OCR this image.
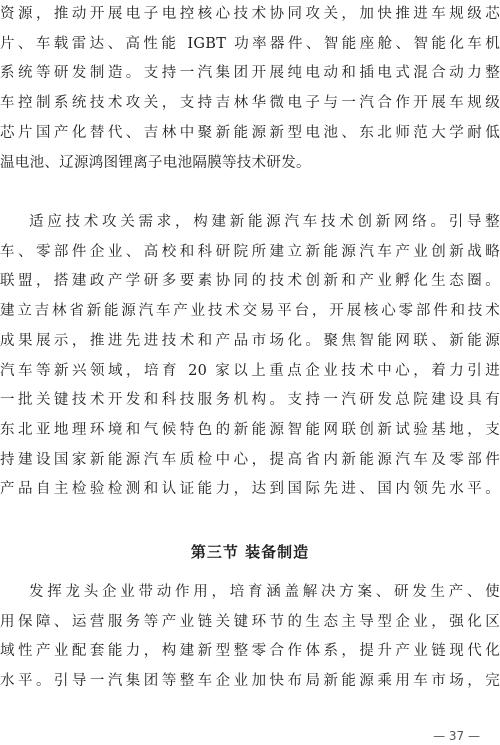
资源，推动开展电子电控核心技术协同攻关，加快推进车规级芯
片、车载雷达、高性能 IGBT 功率器件、智能座舱、智能化车机
系统等研发制造。支持一汽集团开展纯电动和插电式混合动力整
车控制系统技术攻关，支持吉林华微电子与一汽合作开展车规级
芯片国产化替代、吉林中聚新能源新型电池、东北师范大学耐低
温电池、辽源鸿图锂离子电池隔膜等技术研发。
适应技术攻关需求，构建新能源汽车技术创新网络。引导整
车、零部件企业、高校和科研院所建立新能源汽车产业创新战略
联盟，搭建政产学研多要素协同的技术创新和产业孵化生态圈。
建立吉林省新能源汽车产业技术交易平台，开展核心零部件和技术
成果展示，推进先进技术和产品市场化。聚焦智能网联、新能源
汽车等新兴领域，培育 20 家以上重点企业技术中心，着力引进
一批关键技术开发和科技服务机构。支持一汽研发总院建设具有
东北亚地理环境和气候特色的新能源智能网联创新试验基地，支
持建设国家新能源汽车质检中心，提高省内新能源汽车及零部件
产品自主检验检测和认证能力，达到国际先进、国内领先水平。
第三节 装备制造
发挥龙头企业带动作用，培育涵盖解决方案、研发生产、使
用保障、运营服务等产业链关键环节的生态主导型企业，强化区
域性产业配套能力，构建新型整零合作体系，提升产业链现代化
水平。引导一汽集团等整车企业加快布局新能源乘用车市场，完
— 37 —
